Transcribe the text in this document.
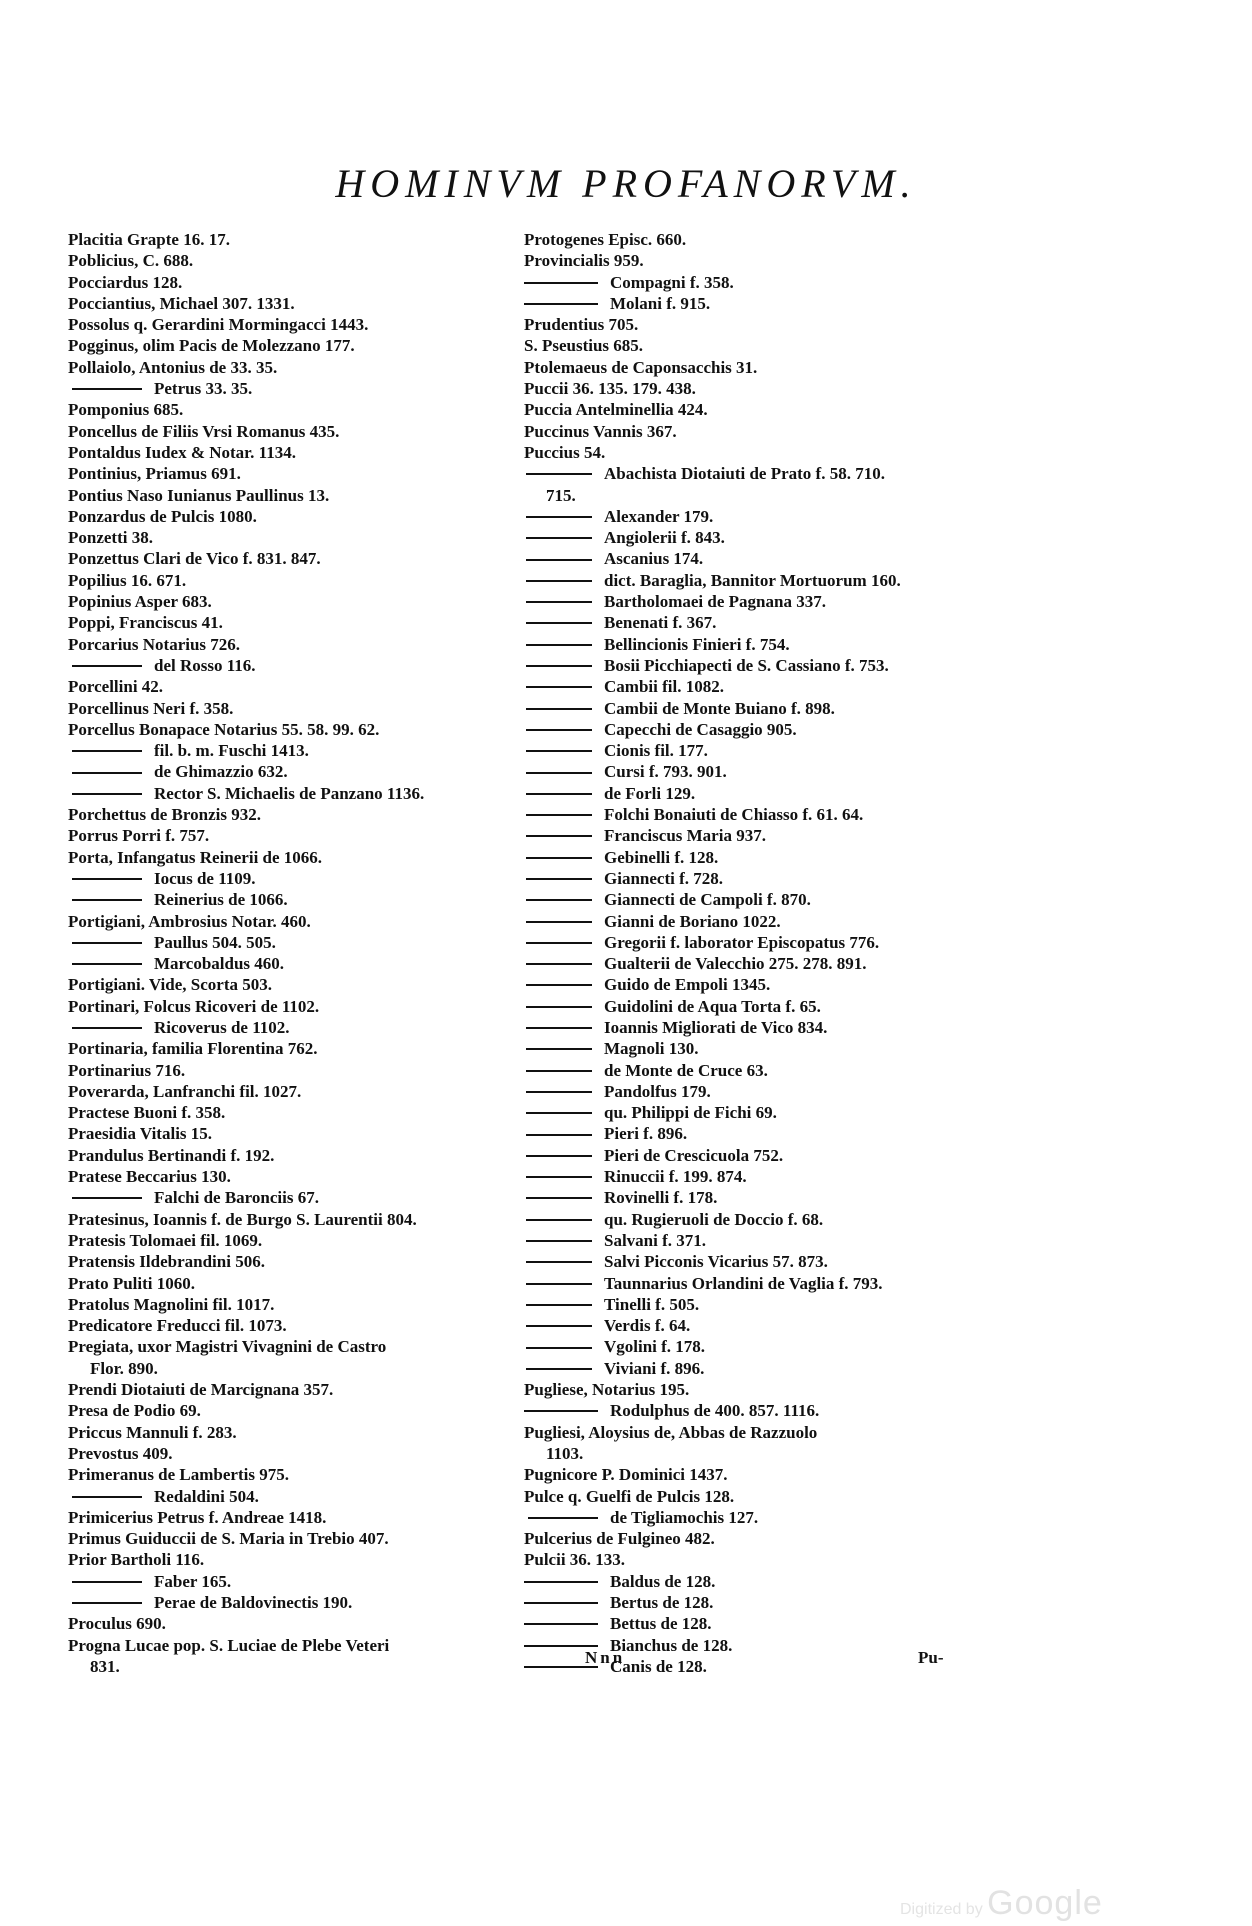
HOMINVM PROFANORVM.
Placitia Grapte 16. 17.
Poblicius, C. 688.
Pocciardus 128.
Pocciantius, Michael 307. 1331.
Possolus q. Gerardini Mormingacci 1443.
Pogginus, olim Pacis de Molezzano 177.
Pollaiolo, Antonius de 33. 35.
Petrus 33. 35.
Pomponius 685.
Poncellus de Filiis Vrsi Romanus 435.
Pontaldus Iudex & Notar. 1134.
Pontinius, Priamus 691.
Pontius Naso Iunianus Paullinus 13.
Ponzardus de Pulcis 1080.
Ponzetti 38.
Ponzettus Clari de Vico f. 831. 847.
Popilius 16. 671.
Popinius Asper 683.
Poppi, Franciscus 41.
Porcarius Notarius 726.
del Rosso 116.
Porcellini 42.
Porcellinus Neri f. 358.
Porcellus Bonapace Notarius 55. 58. 99. 62.
fil. b. m. Fuschi 1413.
de Ghimazzio 632.
Rector S. Michaelis de Panzano 1136.
Porchettus de Bronzis 932.
Porrus Porri f. 757.
Porta, Infangatus Reinerii de 1066.
Iocus de 1109.
Reinerius de 1066.
Portigiani, Ambrosius Notar. 460.
Paullus 504. 505.
Marcobaldus 460.
Portigiani. Vide, Scorta 503.
Portinari, Folcus Ricoveri de 1102.
Ricoverus de 1102.
Portinaria, familia Florentina 762.
Portinarius 716.
Poverarda, Lanfranchi fil. 1027.
Practese Buoni f. 358.
Praesidia Vitalis 15.
Prandulus Bertinandi f. 192.
Pratese Beccarius 130.
Falchi de Baronciis 67.
Pratesinus, Ioannis f. de Burgo S. Laurentii 804.
Pratesis Tolomaei fil. 1069.
Pratensis Ildebrandini 506.
Prato Puliti 1060.
Pratolus Magnolini fil. 1017.
Predicatore Freducci fil. 1073.
Pregiata, uxor Magistri Vivagnini de Castro
Flor. 890.
Prendi Diotaiuti de Marcignana 357.
Presa de Podio 69.
Priccus Mannuli f. 283.
Prevostus 409.
Primeranus de Lambertis 975.
Redaldini 504.
Primicerius Petrus f. Andreae 1418.
Primus Guiduccii de S. Maria in Trebio 407.
Prior Bartholi 116.
Faber 165.
Perae de Baldovinectis 190.
Proculus 690.
Progna Lucae pop. S. Luciae de Plebe Veteri
831.
Protogenes Episc. 660.
Provincialis 959.
Compagni f. 358.
Molani f. 915.
Prudentius 705.
S. Pseustius 685.
Ptolemaeus de Caponsacchis 31.
Puccii 36. 135. 179. 438.
Puccia Antelminellia 424.
Puccinus Vannis 367.
Puccius 54.
Abachista Diotaiuti de Prato f. 58. 710.
715.
Alexander 179.
Angiolerii f. 843.
Ascanius 174.
dict. Baraglia, Bannitor Mortuorum 160.
Bartholomaei de Pagnana 337.
Benenati f. 367.
Bellincionis Finieri f. 754.
Bosii Picchiapecti de S. Cassiano f. 753.
Cambii fil. 1082.
Cambii de Monte Buiano f. 898.
Capecchi de Casaggio 905.
Cionis fil. 177.
Cursi f. 793. 901.
de Forli 129.
Folchi Bonaiuti de Chiasso f. 61. 64.
Franciscus Maria 937.
Gebinelli f. 128.
Giannecti f. 728.
Giannecti de Campoli f. 870.
Gianni de Boriano 1022.
Gregorii f. laborator Episcopatus 776.
Gualterii de Valecchio 275. 278. 891.
Guido de Empoli 1345.
Guidolini de Aqua Torta f. 65.
Ioannis Migliorati de Vico 834.
Magnoli 130.
de Monte de Cruce 63.
Pandolfus 179.
qu. Philippi de Fichi 69.
Pieri f. 896.
Pieri de Crescicuola 752.
Rinuccii f. 199. 874.
Rovinelli f. 178.
qu. Rugieruoli de Doccio f. 68.
Salvani f. 371.
Salvi Picconis Vicarius 57. 873.
Taunnarius Orlandini de Vaglia f. 793.
Tinelli f. 505.
Verdis f. 64.
Vgolini f. 178.
Viviani f. 896.
Pugliese, Notarius 195.
Rodulphus de 400. 857. 1116.
Pugliesi, Aloysius de, Abbas de Razzuolo
1103.
Pugnicore P. Dominici 1437.
Pulce q. Guelfi de Pulcis 128.
de Tigliamochis 127.
Pulcerius de Fulgineo 482.
Pulcii 36. 133.
Baldus de 128.
Bertus de 128.
Bettus de 128.
Bianchus de 128.
Canis de 128.
Nnn	Pu-
Digitized by Google
